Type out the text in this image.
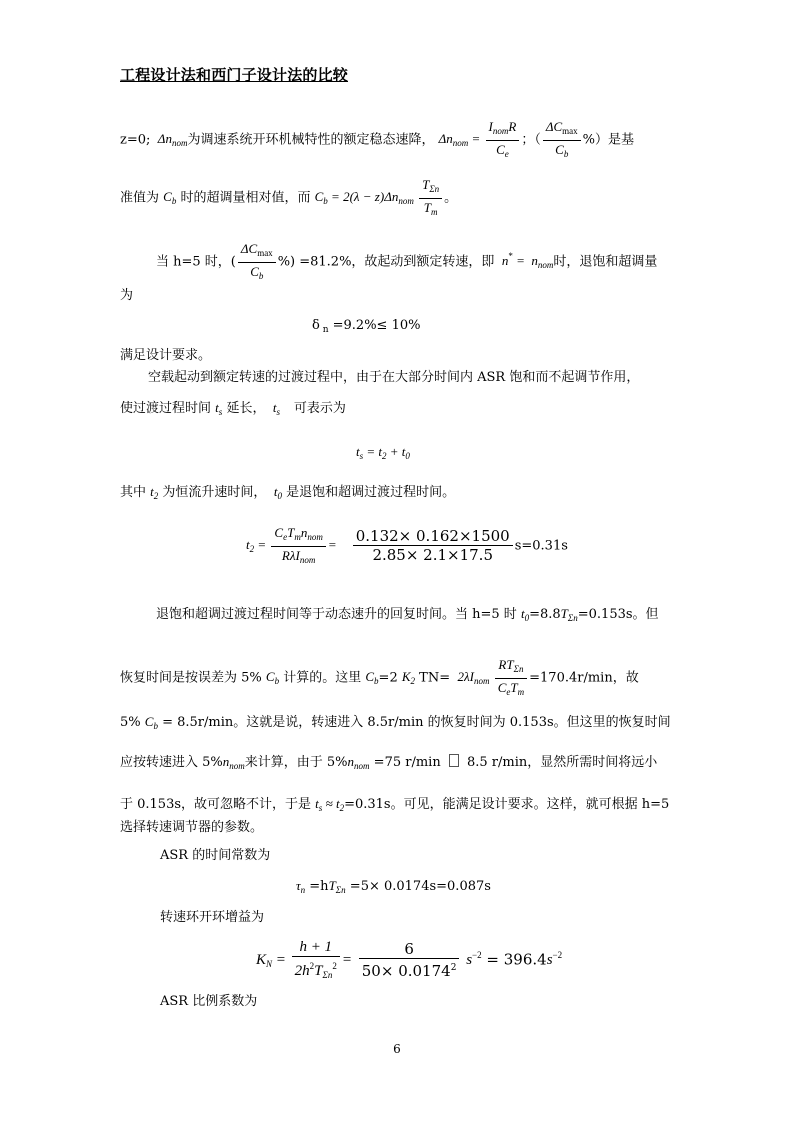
工程设计法和西门子设计法的比较
z=0;  $\Delta n_{nom}$为调速系统开环机械特性的额定稳态速降， $\Delta n_{nom} = \frac{I_{nom}R}{C_e}$ ；（ $\frac{\Delta C_{max}}{C_b}$ %）是基
准值为 $C_b$ 时的超调量相对值，而 $C_b = 2(\lambda - z)\Delta n_{nom} \frac{T_{\Sigma n}}{T_m}$ 。
当 h=5 时，( $\frac{\Delta C_{max}}{C_b}$ %) =81.2%，故起动到额定转速，即  $n^* = n_{nom}$时，退饱和超调量
为
δ $_n$ =9.2%≤ 10%
满足设计要求。
空载起动到额定转速的过渡过程中，由于在大部分时间内 ASR 饱和而不起调节作用，
使过渡过程时间 $t_s$ 延长，  $t_s$ 可表示为
$t_s = t_2 + t_0$
其中 $t_2$ 为恒流升速时间，  $t_0$ 是退饱和超调过渡过程时间。
$t_2 = \frac{C_eT_mn_{nom}}{R\lambda I_{nom}} = \frac{0.132\times 0.162\times 1500}{2.85\times 2.1\times 17.5} s=0.31s$
退饱和超调过渡过程时间等于动态速升的回复时间。当 h=5 时 $t_0=8.8T_{\Sigma n}=0.153s$。但
恢复时间是按误差为 5% $C_b$ 计算的。这里 $C_b=2$ $K_2$ $TN= 2\lambda I_{nom} \frac{RT_{\Sigma n}}{C_eT_m} =170.4r/\min$，故
5% $C_b = 8.5r/\min$。这就是说，转速进入 8.5r/min 的恢复时间为 0.153s。但这里的恢复时间
应按转速进入 $5\%n_{nom}$来计算，由于 $5\%n_{nom} =75$ r/min 8.5 r/min，显然所需时间将远小
于 0.153s，故可忽略不计，于是 $t_s \approx t_2=0.31s$。可见，能满足设计要求。这样，就可根据 h=5
选择转速调节器的参数。
ASR 的时间常数为
$\tau_n =hT_{\Sigma n} =5\times 0.0174s=0.087s$
转速环开环增益为
$K_N = \frac{h + 1}{2h^2T_{\Sigma n}^2} = \frac{6}{50\times 0.0174^2} s^{-2} = 396.4s^{-2}$
ASR 比例系数为
6
